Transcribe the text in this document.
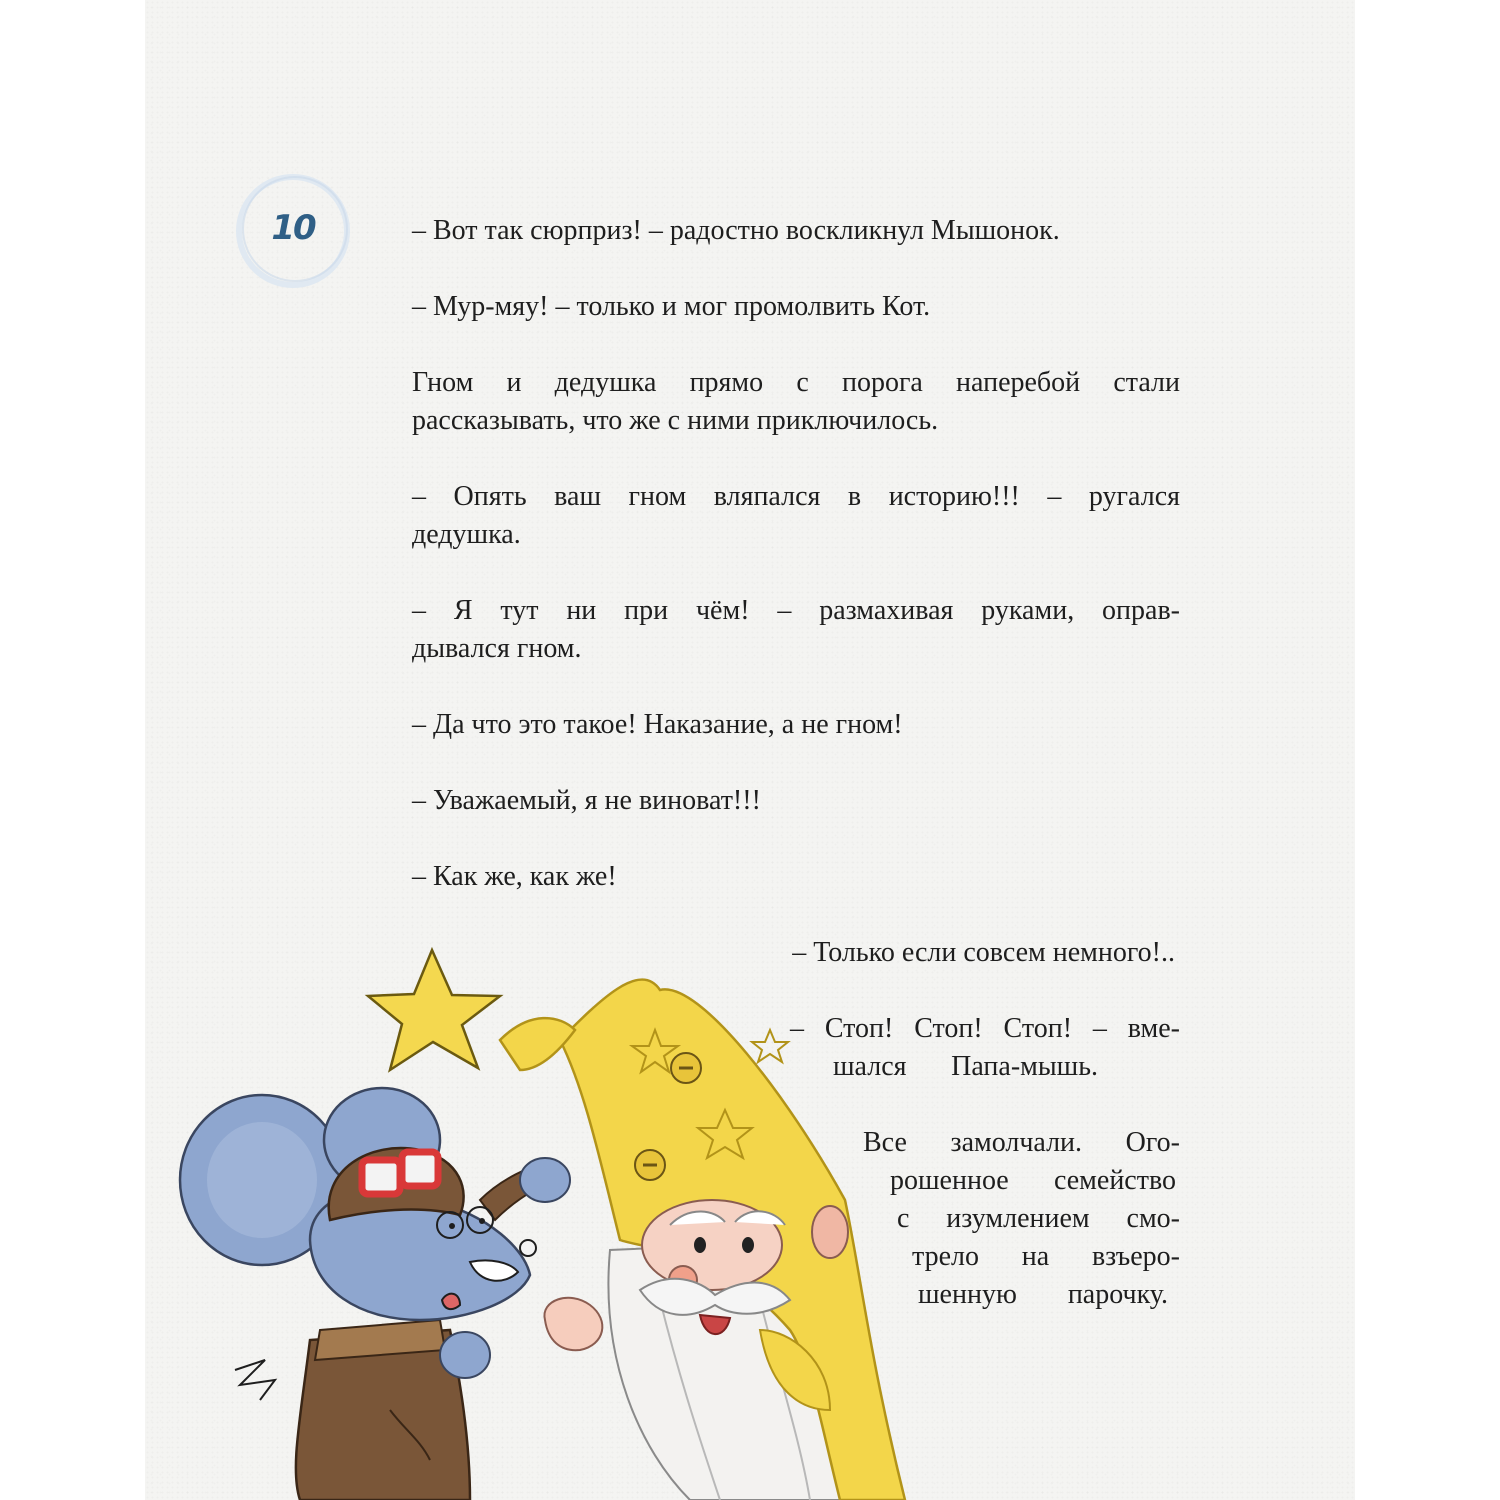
10	– Вот так сюрприз! – радостно воскликнул Мышонок.
– Мур-мяу! – только и мог промолвить Кот.
Гном и дедушка прямо с порога наперебой стали
рассказывать, что же с ними приключилось.
– Опять ваш гном вляпался в историю!!! – ругался
дедушка.
– Я тут ни при чём! – размахивая руками, оправ-
дывался гном.
– Да что это такое! Наказание, а не гном!
– Уважаемый, я не виноват!!!
– Как же, как же!
– Только если совсем немного!..
– Стоп! Стоп! Стоп! – вме-
шался Папа-мышь.
Все замолчали. Ого-
рошенное семейство
с изумлением смо-
трело на взъеро-
шенную парочку.
